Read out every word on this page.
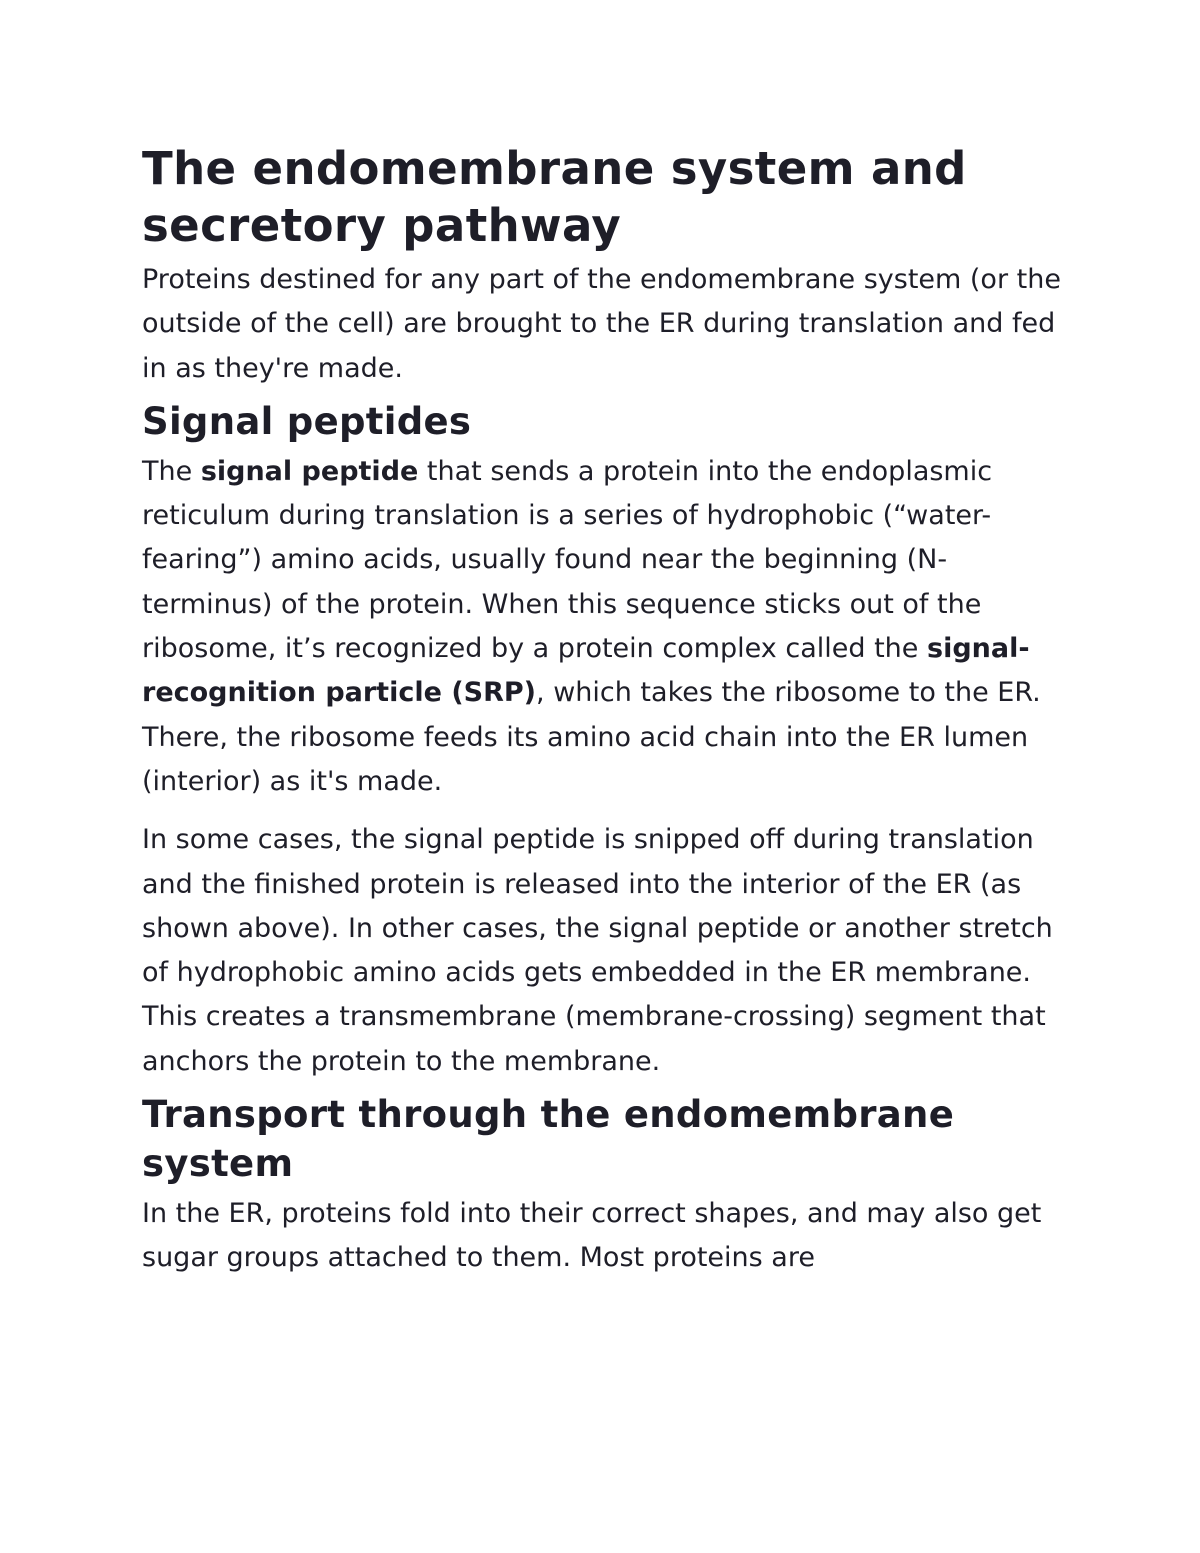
The endomembrane system and secretory pathway

Proteins destined for any part of the endomembrane system (or the outside of the cell) are brought to the ER during translation and fed in as they're made.

Signal peptides

The signal peptide that sends a protein into the endoplasmic reticulum during translation is a series of hydrophobic (“water-fearing”) amino acids, usually found near the beginning (N-terminus) of the protein. When this sequence sticks out of the ribosome, it’s recognized by a protein complex called the signal-recognition particle (SRP), which takes the ribosome to the ER. There, the ribosome feeds its amino acid chain into the ER lumen (interior) as it's made.

In some cases, the signal peptide is snipped off during translation and the finished protein is released into the interior of the ER (as shown above). In other cases, the signal peptide or another stretch of hydrophobic amino acids gets embedded in the ER membrane. This creates a transmembrane (membrane-crossing) segment that anchors the protein to the membrane.

Transport through the endomembrane system

In the ER, proteins fold into their correct shapes, and may also get sugar groups attached to them. Most proteins are
